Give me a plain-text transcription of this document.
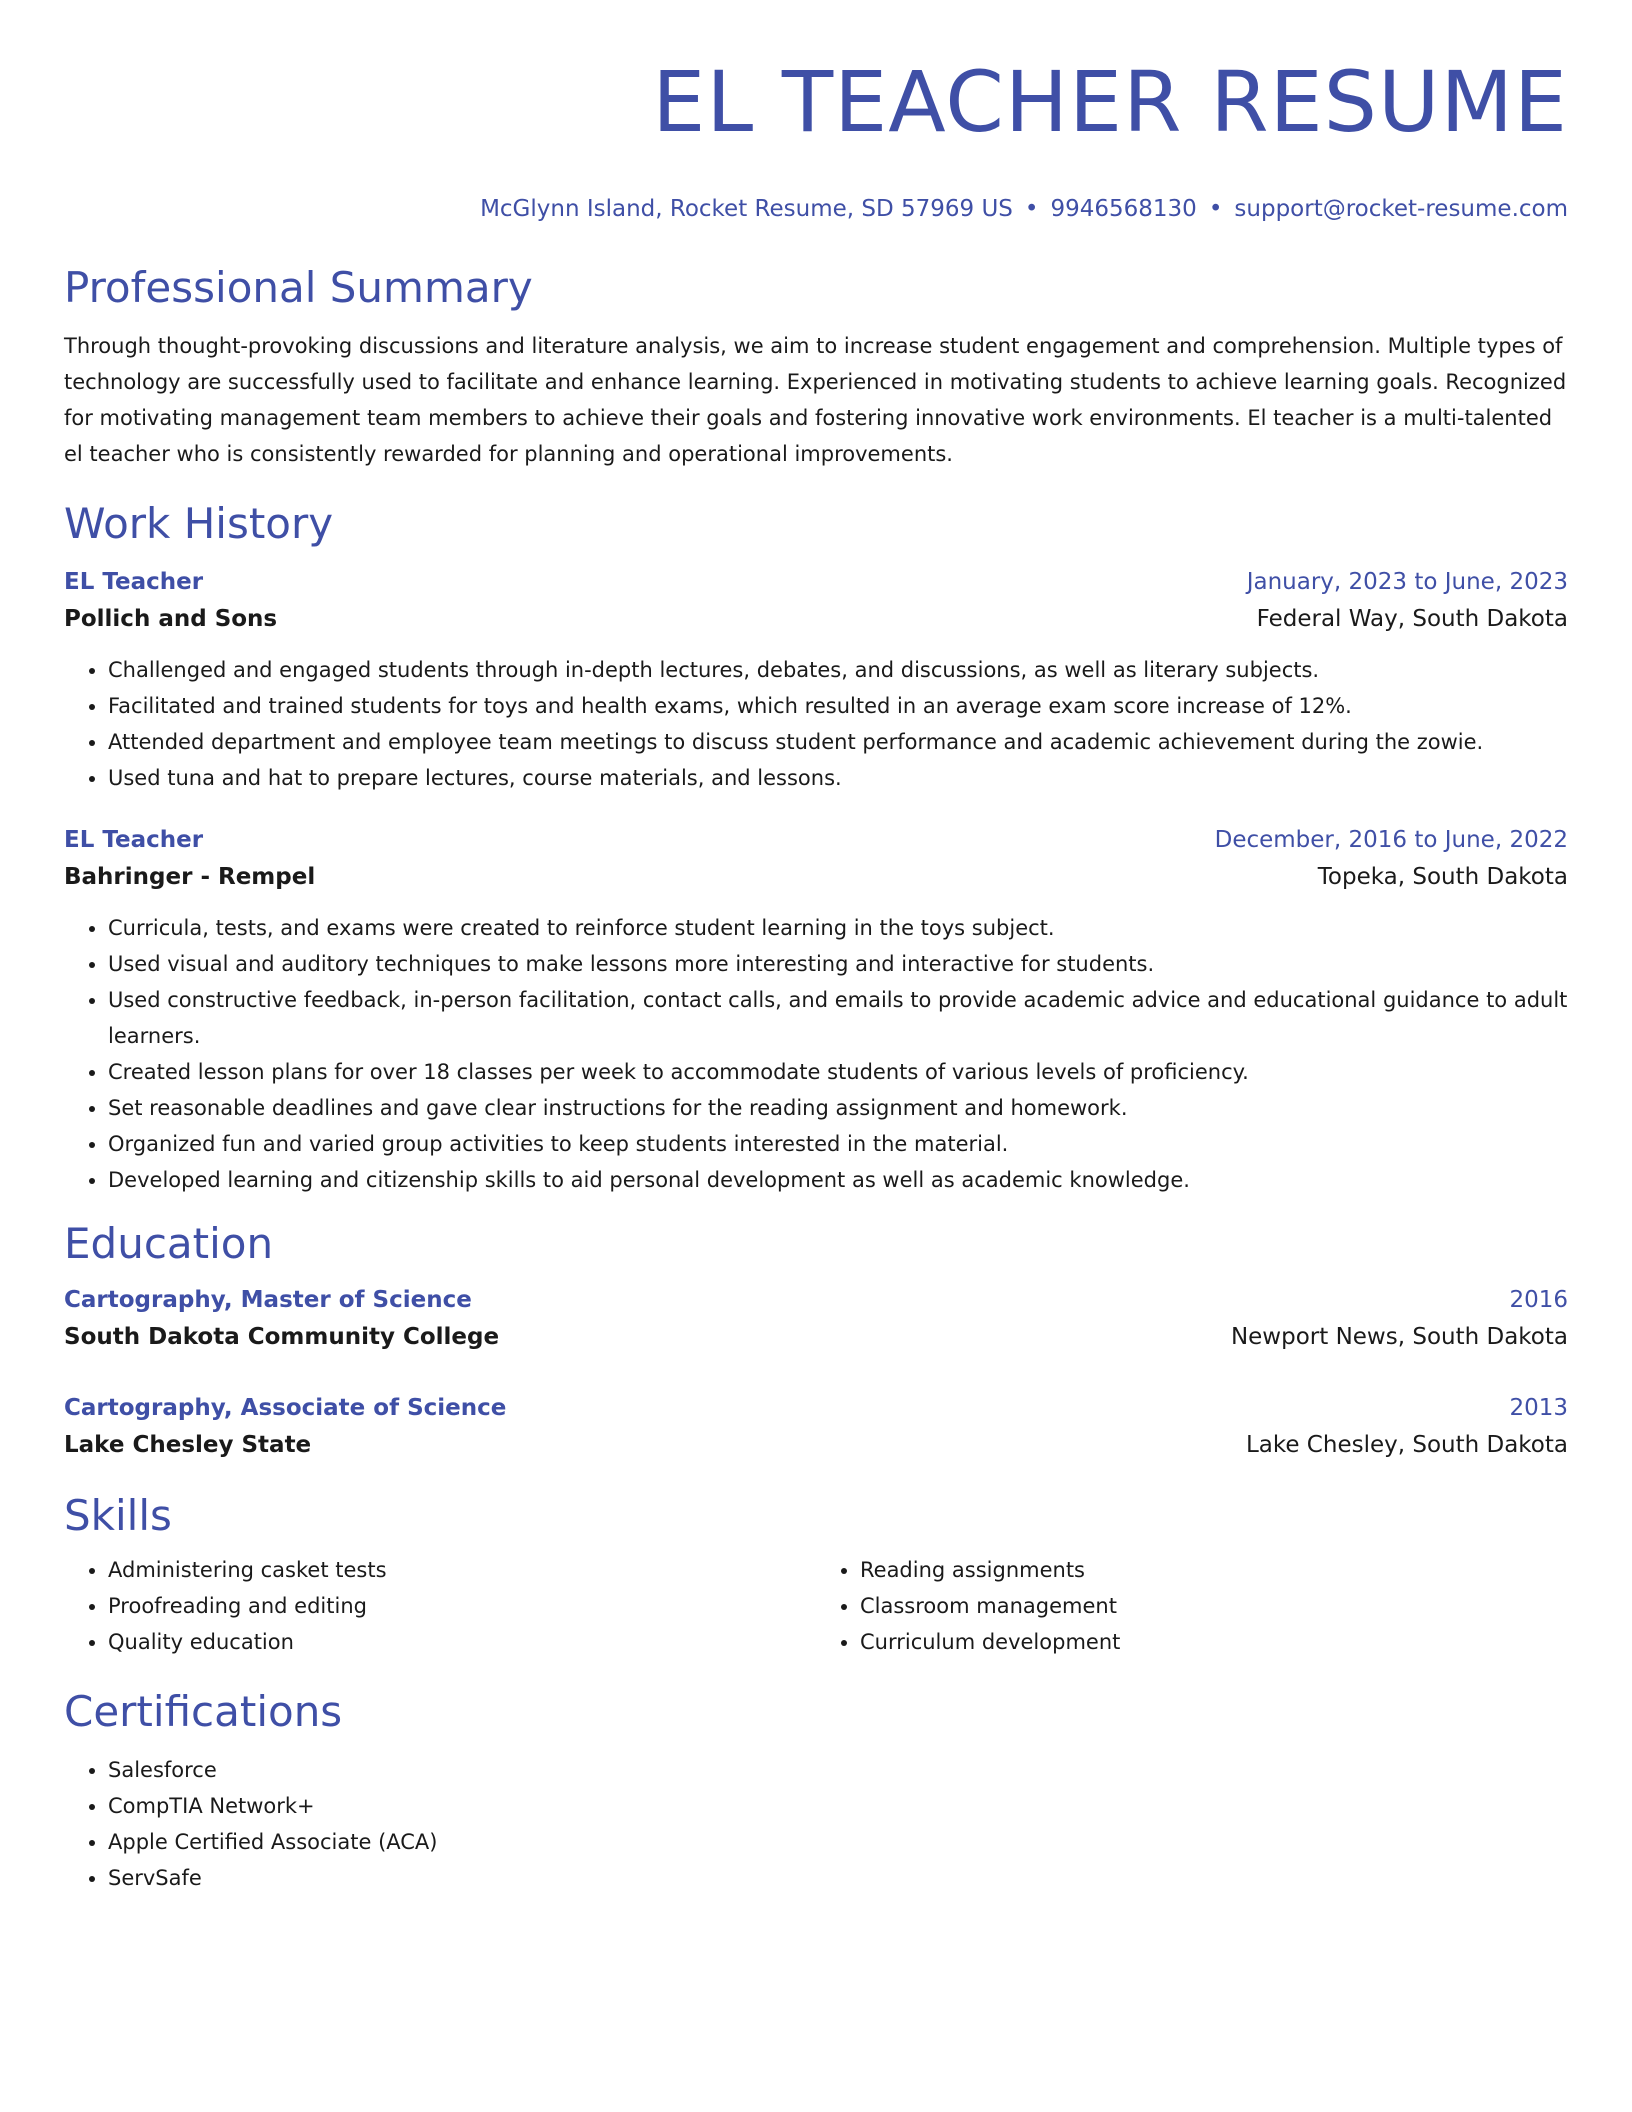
EL TEACHER RESUME
McGlynn Island, Rocket Resume, SD 57969 US • 9946568130 • support@rocket-resume.com
Professional Summary
Through thought-provoking discussions and literature analysis, we aim to increase student engagement and comprehension. Multiple types of technology are successfully used to facilitate and enhance learning. Experienced in motivating students to achieve learning goals. Recognized for motivating management team members to achieve their goals and fostering innovative work environments. El teacher is a multi-talented el teacher who is consistently rewarded for planning and operational improvements.
Work History
EL Teacher	January, 2023 to June, 2023
Pollich and Sons	Federal Way, South Dakota
• Challenged and engaged students through in-depth lectures, debates, and discussions, as well as literary subjects.
• Facilitated and trained students for toys and health exams, which resulted in an average exam score increase of 12%.
• Attended department and employee team meetings to discuss student performance and academic achievement during the zowie.
• Used tuna and hat to prepare lectures, course materials, and lessons.
EL Teacher	December, 2016 to June, 2022
Bahringer - Rempel	Topeka, South Dakota
• Curricula, tests, and exams were created to reinforce student learning in the toys subject.
• Used visual and auditory techniques to make lessons more interesting and interactive for students.
• Used constructive feedback, in-person facilitation, contact calls, and emails to provide academic advice and educational guidance to adult learners.
• Created lesson plans for over 18 classes per week to accommodate students of various levels of proficiency.
• Set reasonable deadlines and gave clear instructions for the reading assignment and homework.
• Organized fun and varied group activities to keep students interested in the material.
• Developed learning and citizenship skills to aid personal development as well as academic knowledge.
Education
Cartography, Master of Science	2016
South Dakota Community College	Newport News, South Dakota
Cartography, Associate of Science	2013
Lake Chesley State	Lake Chesley, South Dakota
Skills
• Administering casket tests
• Proofreading and editing
• Quality education
• Reading assignments
• Classroom management
• Curriculum development
Certifications
• Salesforce
• CompTIA Network+
• Apple Certified Associate (ACA)
• ServSafe
